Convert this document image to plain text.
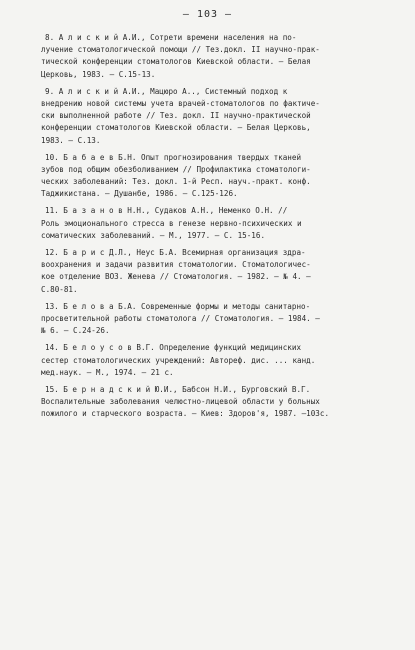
– 103 –
8. А л и с к и й А.И., Сотрети времени населения на по-
лучение стоматологической помощи // Тез.докл. II научно-прак-
тической конференции стоматологов Киевской области. – Белая
Церковь, 1983. – С.15-13.
9. А л и с к и й А.И., Мацюро А.., Системный подход к
внедрению новой системы учета врачей-стоматологов по фактиче-
ски выполненной работе // Тез. докл. II научно-практической
конференции стоматологов Киевской области. – Белая Церковь,
1983. – С.13.
10. Б а б а е в Б.Н. Опыт прогнозирования твердых тканей
зубов под общим обезболиванием // Профилактика стоматологи-
ческих заболеваний: Тез. докл. 1-й Респ. науч.-практ. конф.
Таджикистана. – Душанбе, 1986. – С.125-126.
11. Б а з а н о в Н.Н., Судаков А.Н., Неменко О.Н. //
Роль эмоционального стресса в генезе нервно-психических и
соматических заболеваний. – М., 1977. – С. 15-16.
12. Б а р и с Д.Л., Неус Б.А. Всемирная организация здра-
воохранения и задачи развития стоматологии. Стоматологичес-
кое отделение ВОЗ. Женева // Стоматология. – 1982. – № 4. –
С.80-81.
13. Б е л о в а Б.А. Современные формы и методы санитарно-
просветительной работы стоматолога // Стоматология. – 1984. –
№ 6. – С.24-26.
14. Б е л о у с о в В.Г. Определение функций медицинских
сестер стоматологических учреждений: Автореф. дис. ... канд.
мед.наук. – М., 1974. – 21 с.
15. Б е р н а д с к и й Ю.И., Бабсон Н.И., Бурговский В.Г.
Воспалительные заболевания челюстно-лицевой области у больных
пожилого и старческого возраста. – Киев: Здоров'я, 1987. –103с.
